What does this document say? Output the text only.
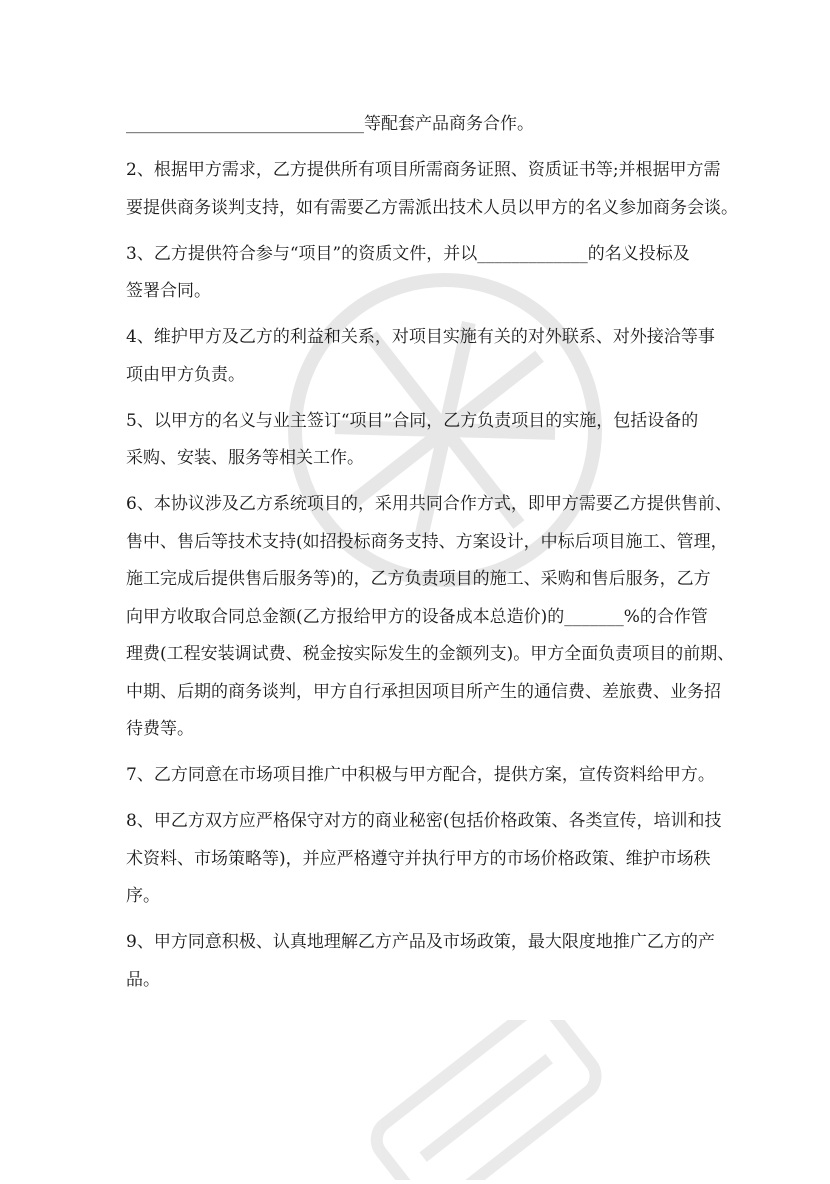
____________________________等配套产品商务合作。
2、根据甲方需求，乙方提供所有项目所需商务证照、资质证书等;并根据甲方需
要提供商务谈判支持，如有需要乙方需派出技术人员以甲方的名义参加商务会谈。
3、乙方提供符合参与“项目”的资质文件，并以_____________的名义投标及
签署合同。
4、维护甲方及乙方的利益和关系，对项目实施有关的对外联系、对外接洽等事
项由甲方负责。
5、以甲方的名义与业主签订“项目”合同，乙方负责项目的实施，包括设备的
采购、安装、服务等相关工作。
6、本协议涉及乙方系统项目的，采用共同合作方式，即甲方需要乙方提供售前、
售中、售后等技术支持(如招投标商务支持、方案设计，中标后项目施工、管理，
施工完成后提供售后服务等)的，乙方负责项目的施工、采购和售后服务，乙方
向甲方收取合同总金额(乙方报给甲方的设备成本总造价)的_______%的合作管
理费(工程安装调试费、税金按实际发生的金额列支)。甲方全面负责项目的前期、
中期、后期的商务谈判，甲方自行承担因项目所产生的通信费、差旅费、业务招
待费等。
7、乙方同意在市场项目推广中积极与甲方配合，提供方案，宣传资料给甲方。
8、甲乙方双方应严格保守对方的商业秘密(包括价格政策、各类宣传，培训和技
术资料、市场策略等)，并应严格遵守并执行甲方的市场价格政策、维护市场秩
序。
9、甲方同意积极、认真地理解乙方产品及市场政策，最大限度地推广乙方的产
品。
